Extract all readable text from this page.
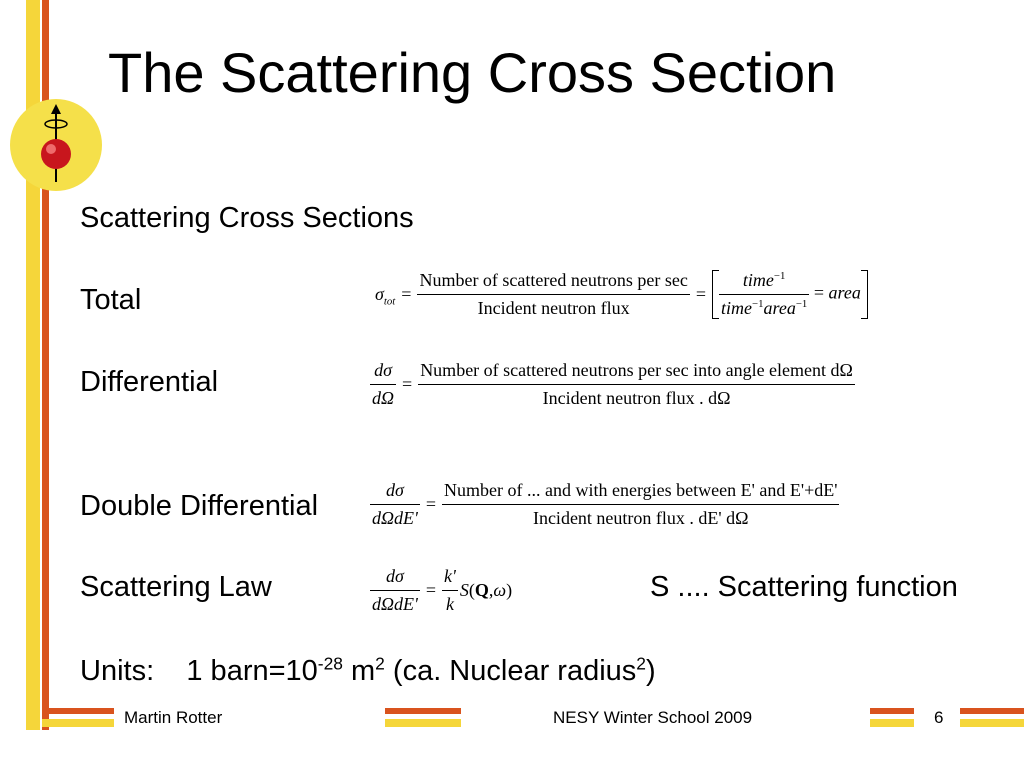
The Scattering Cross Section
Scattering Cross Sections
Total	$\sigma_{tot} = \frac{\text{Number of scattered neutrons per sec}}{\text{Incident neutron flux}} = \frac{time^{-1}}{time^{-1}area^{-1}}$ = area
Differential	$\frac{d\sigma}{d\Omega} = \frac{\text{Number of scattered neutrons per sec into angle element dΩ}}{\text{Incident neutron flux . dΩ}}$
Double Differential	$\frac{d\sigma}{\text{dΩdE'}} = \frac{\text{Number of ... and with energies between E' and E'+dE'}}{\text{Incident neutron flux . dE' dΩ}}$
Scattering Law	$\frac{d\sigma}{\text{dΩdE'}} = \frac{k'}{k} S(Q,\omega)$	S .... Scattering function
Units: 1 $barn=10^{-28}$ $m^2$ (ca. Nuclear radius$^2$)
Martin Rotter	NESY Winter School 2009	6
